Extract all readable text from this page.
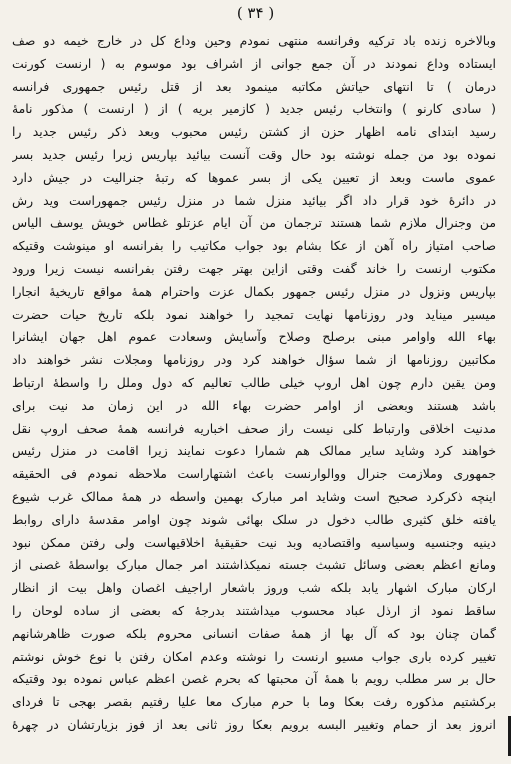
( ۳۴ )
وبالاخره زنده باد ترکیه وفرانسه منتهی نمودم وحین وداع کل در خارج خیمه دو صف
ایستاده وداع نمودند در آن جمع جوانی از اشراف بود موسوم به ( ارنست کورنت
درمان ) تا انتهای حیاتش مکاتبه مینمود بعد از قتل رئیس جمهوری فرانسه
( سادی کارنو ) وانتخاب رئیس جدید ( کازمیر بریه ) از ( ارنست ) مذکور نامهٔ
رسید ابتدای نامه اظهار حزن از کشتن رئیس محبوب وبعد ذکر رئیس جدید را
نموده بود من جمله نوشته بود حال وقت آنست بیائید بپاریس زیرا رئیس جدید بسر
عموی ماست وبعد از تعیین یکی از بسر عموها که رتبهٔ جنرالیت در جیش دارد
در دائرهٔ خود قرار داد اگر بیائید منزل شما در منزل رئیس جمهوراست وید رش
من وجنرال ملازم شما هستند ترجمان من آن ایام عزتلو غطاس خویش یوسف الیاس
صاحب امتیاز راه آهن از عکا بشام بود جواب مکاتیب را بفرانسه او مینوشت وقتیکه
مکتوب ارنست را خاند گفت وقتی ازاین بهتر جهت رفتن بفرانسه نیست زیرا ورود
بپاریس ونزول در منزل رئیس جمهور بکمال عزت واحترام همهٔ مواقع تاریخیهٔ انجارا
میسیر میناید ودر روزنامها نهایت تمجید را خواهند نمود بلکه تاریخ حیات حضرت
بهاء الله واوامر مبنی برصلح وصلاح وآسایش وسعادت عموم اهل جهان ایشانرا
مکاتبین روزنامها از شما سؤال خواهند کرد ودر روزنامها ومجلات نشر خواهند داد
ومن یقین دارم چون اهل اروپ خیلی طالب تعالیم که دول وملل را واسطهٔ ارتباط
باشد هستند وبعضی از اوامر حضرت بهاء الله در این زمان مد نیت برای
مدنیت اخلاقی وارتباط کلی نیست راز صحف اخباریه فرانسه همهٔ صحف اروپ نقل
خواهند کرد وشاید سایر ممالک هم شمارا دعوت نمایند زیرا اقامت در منزل رئیس
جمهوری وملازمت جنرال ووالوارنست باعث اشتهاراست ملاحظه نمودم فی الحقیقه
اینچه ذکرکرد صحیح است وشاید امر مبارک بهمین واسطه در همهٔ ممالک غرب شیوع
یافته خلق کثیری طالب دخول در سلک بهائی شوند چون اوامر مقدسهٔ دارای روابط
دینیه وجنسیه وسیاسیه واقتصادیه وبد نیت حقیقیهٔ اخلاقیهاست ولی رفتن ممکن نبود
ومانع اعظم بعضی وسائل تشبث جسته نمیکذاشتند امر جمال مبارک بواسطهٔ غصنی از
ارکان مبارک اشهار یابد بلکه شب وروز باشعار اراجیف اغصان واهل بیت از انظار
ساقط نمود از ارذل عباد محسوب میداشتند بدرجهٔ که بعضی از ساده لوحان را
گمان چنان بود که آل بها از همهٔ صفات انسانی محروم بلکه صورت ظاهرشانهم
تغییر کرده باری جواب مسیو ارنست را نوشته وعدم امکان رفتن با نوع خوش نوشتم
حال بر سر مطلب رویم با همهٔ آن محبتها که بحرم غصن اعظم عباس نموده بود وقتیکه
برکشتیم مذکوره رفت بعکا وما با حرم مبارک معا علیا رفتیم بقصر بهجی تا فردای
انروز بعد از حمام وتغییر البسه برویم بعکا روز ثانی بعد از فوز بزیارتشان در چهرهٔ
